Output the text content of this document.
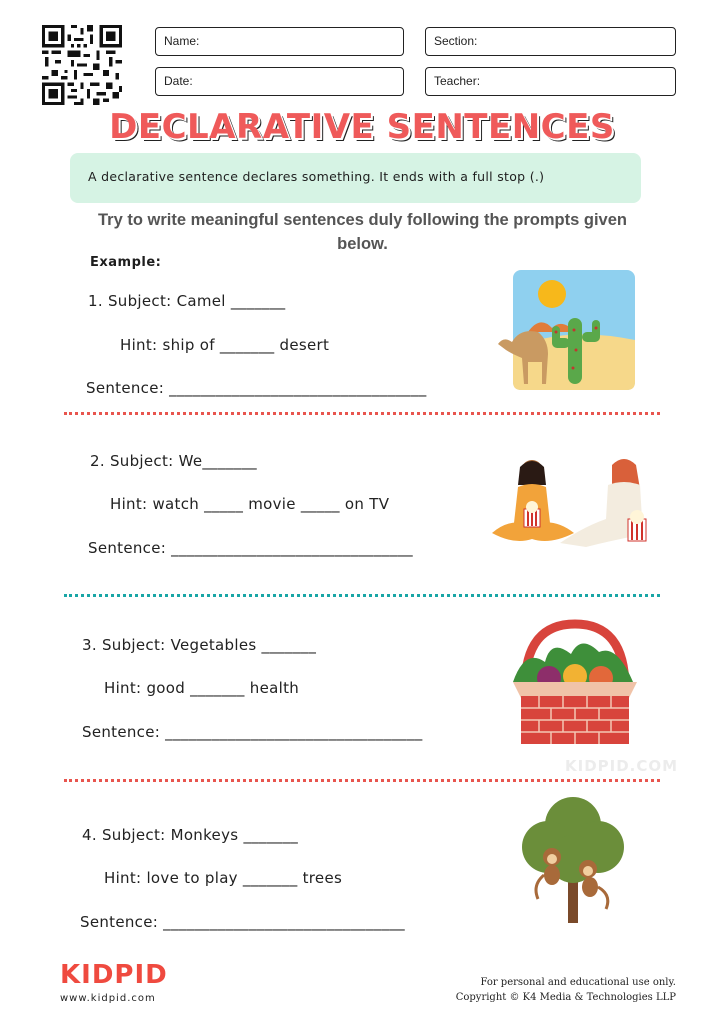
Name:	Section:
Date:	Teacher:
DECLARATIVE SENTENCES
A declarative sentence declares something. It ends with a full stop (.)
Try to write meaningful sentences duly following the prompts given below.
Example:
1. Subject: Camel _______
Hint: ship of _______ desert
Sentence: _________________________________
2. Subject: We_______
Hint: watch _____ movie _____ on TV
Sentence: _______________________________
3. Subject: Vegetables _______
Hint: good _______ health
Sentence: _________________________________
KIDPID.COM
4. Subject: Monkeys _______
Hint: love to play _______ trees
Sentence: _______________________________
KIDPID
www.kidpid.com
For personal and educational use only.
Copyright © K4 Media & Technologies LLP
